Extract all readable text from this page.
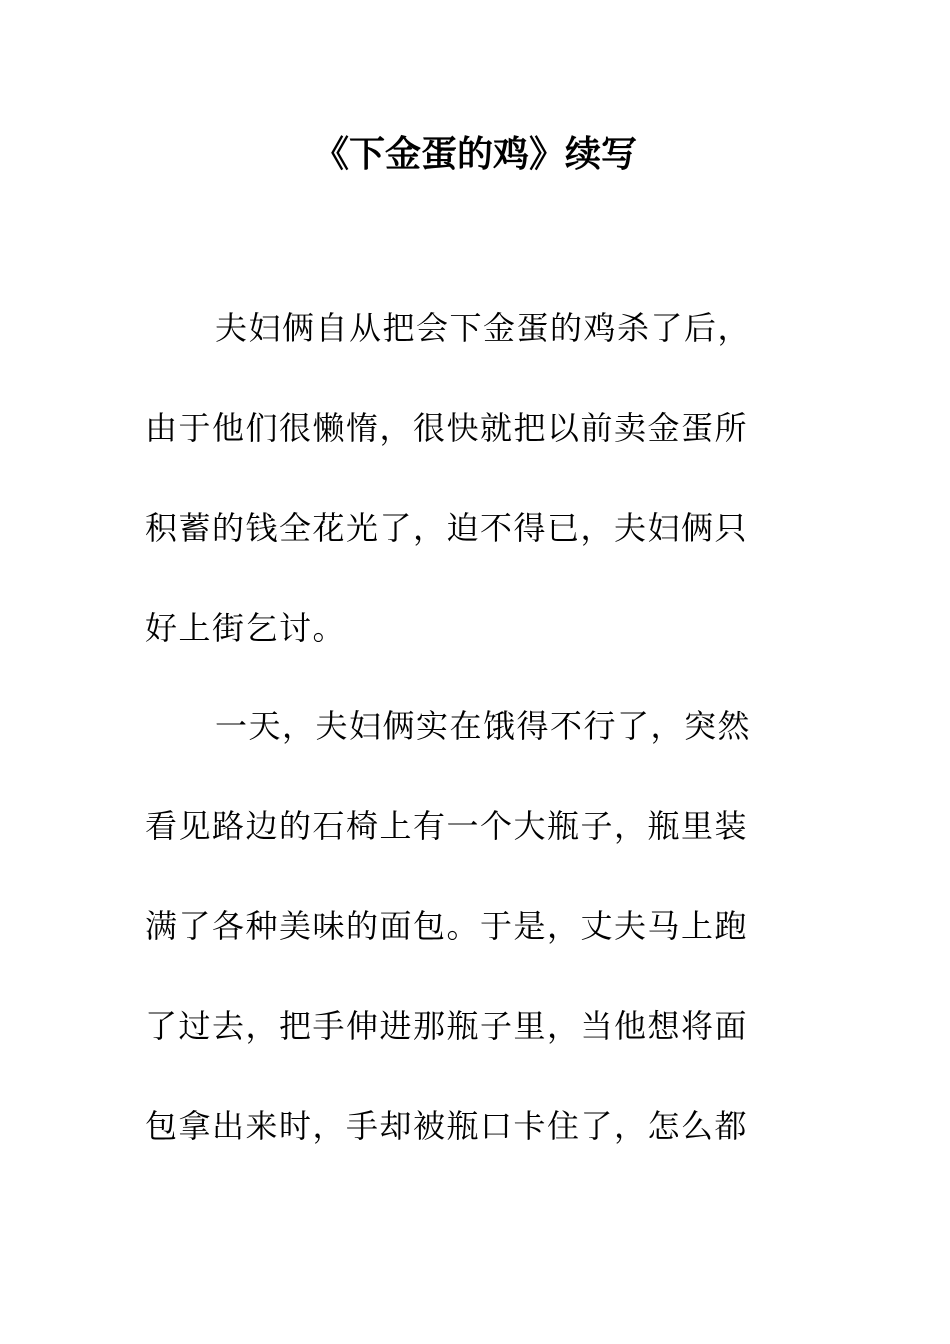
《下金蛋的鸡》续写
夫妇俩自从把会下金蛋的鸡杀了后，
由于他们很懒惰，很快就把以前卖金蛋所
积蓄的钱全花光了，迫不得已，夫妇俩只
好上街乞讨。
一天，夫妇俩实在饿得不行了，突然
看见路边的石椅上有一个大瓶子，瓶里装
满了各种美味的面包。于是，丈夫马上跑
了过去，把手伸进那瓶子里，当他想将面
包拿出来时，手却被瓶口卡住了，怎么都
